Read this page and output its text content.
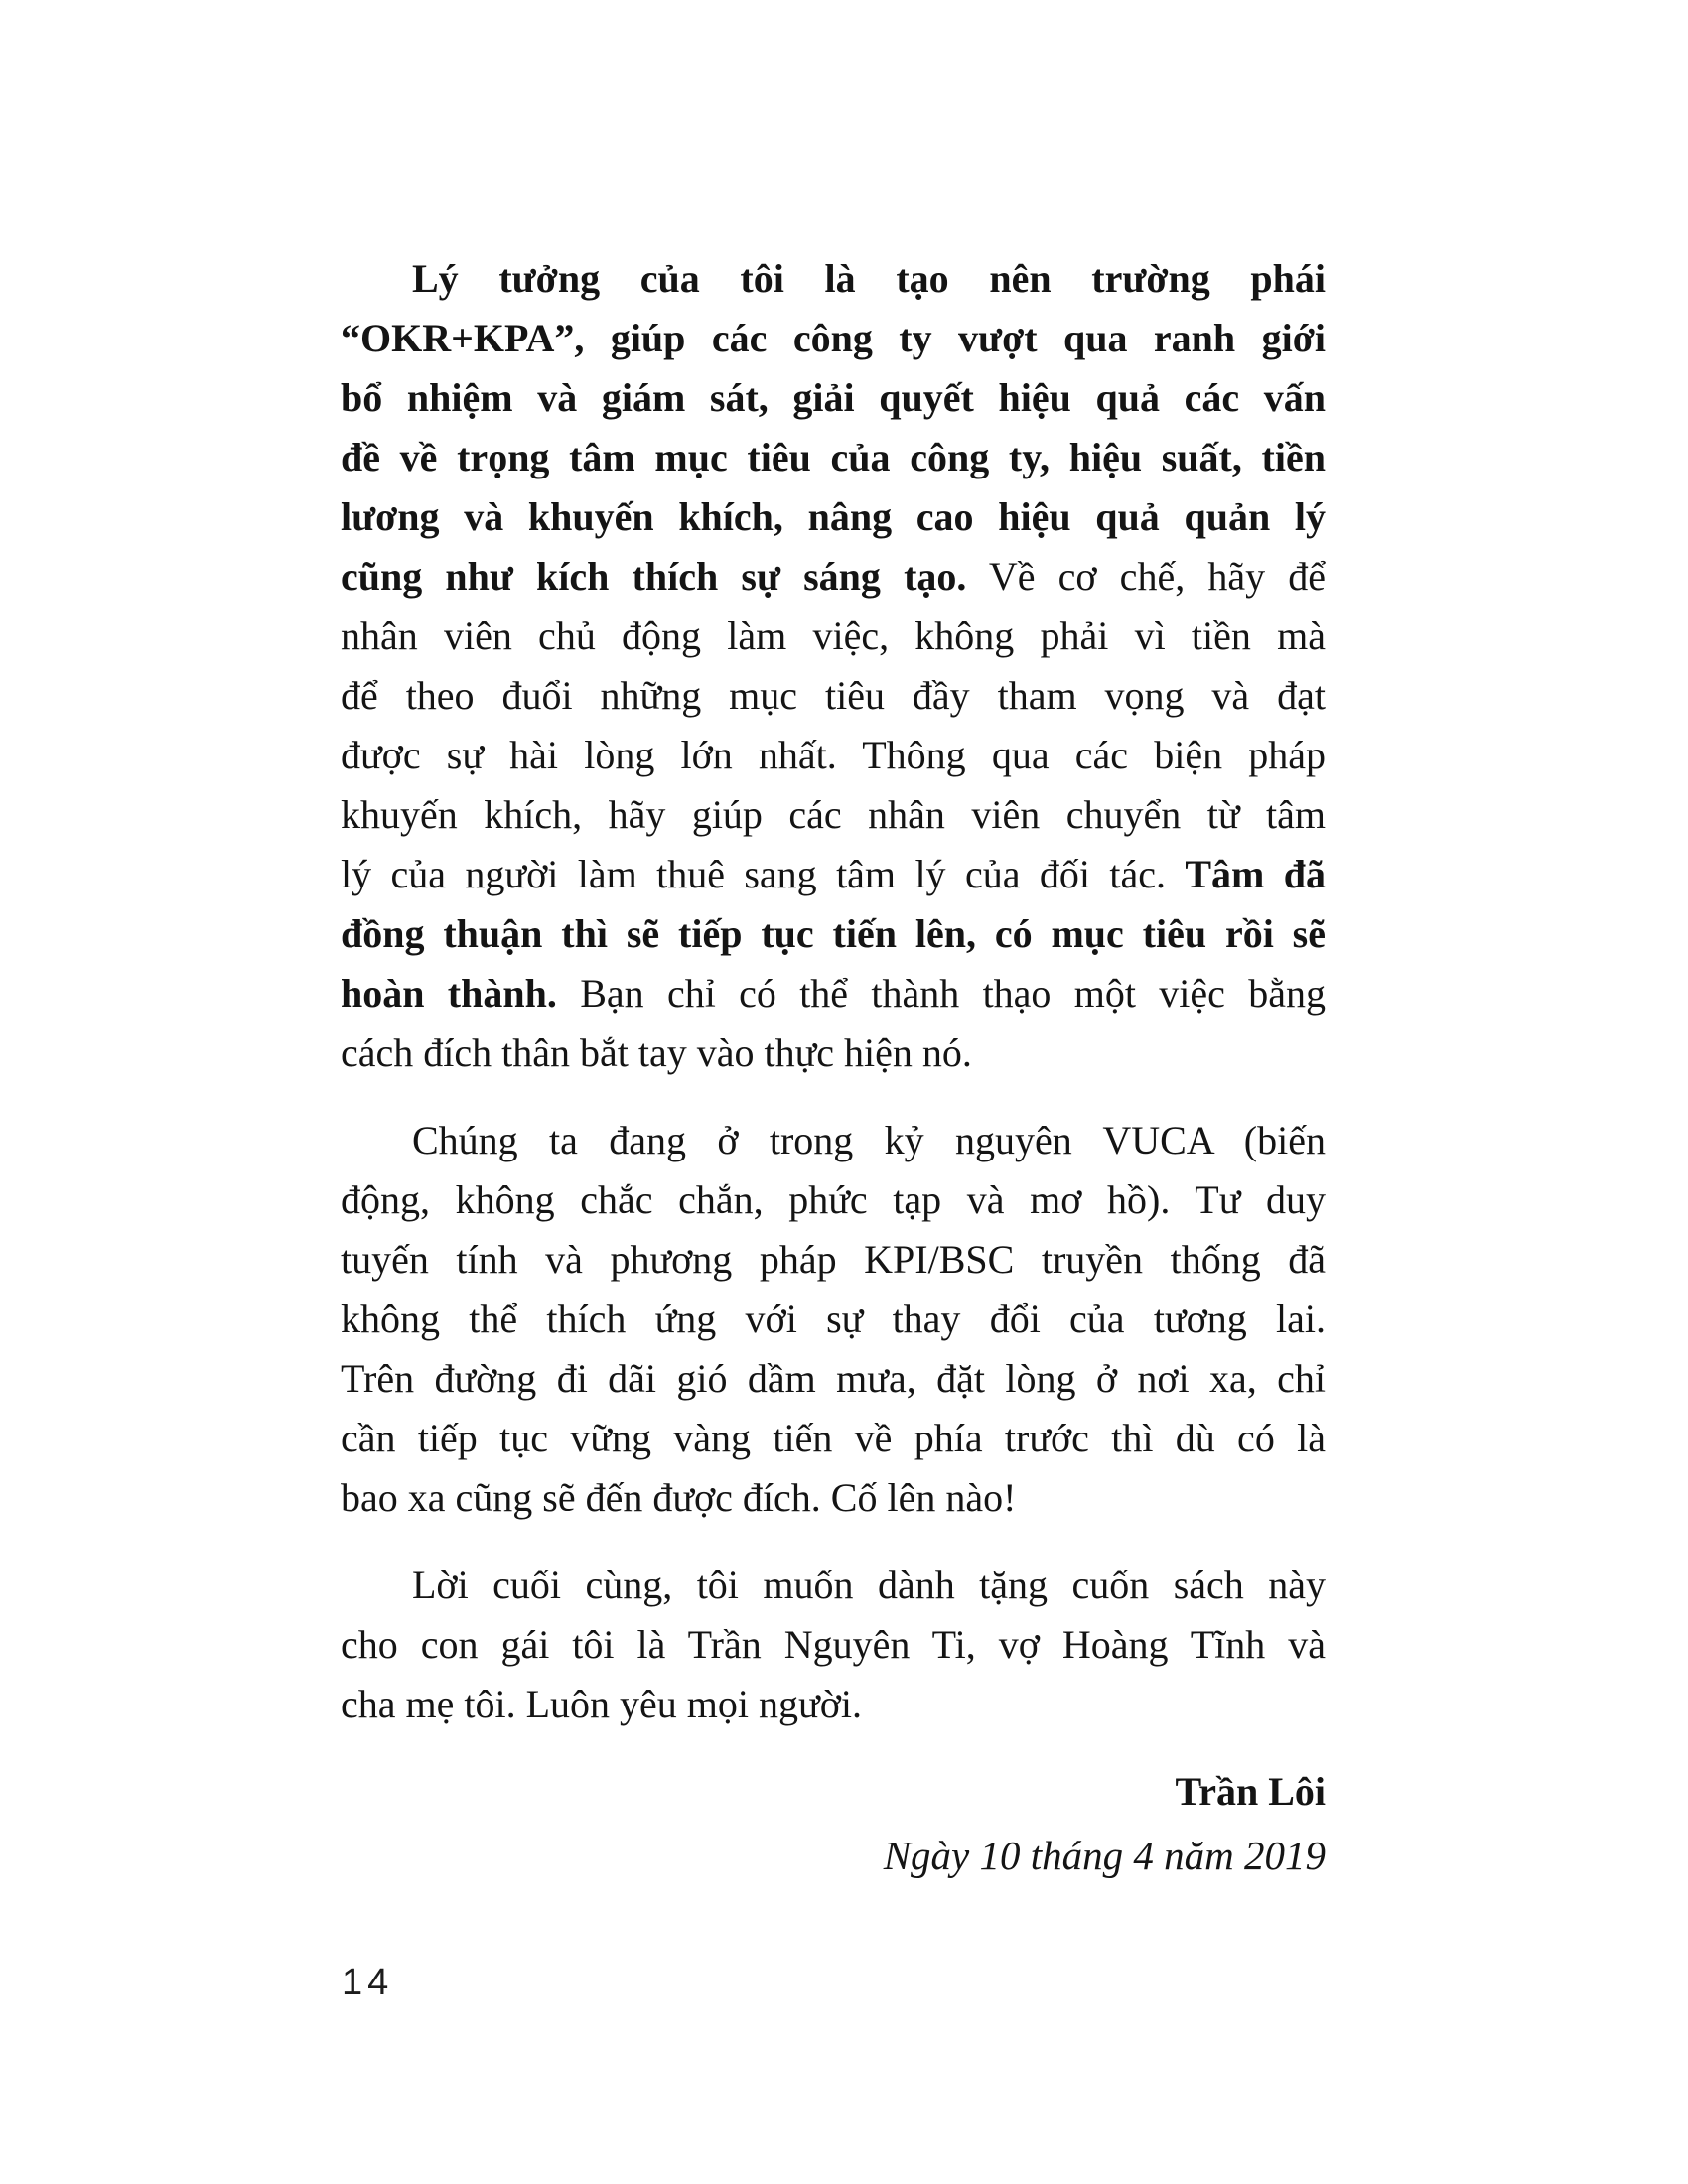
Lý tưởng của tôi là tạo nên trường phái
“OKR+KPA”, giúp các công ty vượt qua ranh giới
bổ nhiệm và giám sát, giải quyết hiệu quả các vấn
đề về trọng tâm mục tiêu của công ty, hiệu suất, tiền
lương và khuyến khích, nâng cao hiệu quả quản lý
cũng như kích thích sự sáng tạo. Về cơ chế, hãy để
nhân viên chủ động làm việc, không phải vì tiền mà
để theo đuổi những mục tiêu đầy tham vọng và đạt
được sự hài lòng lớn nhất. Thông qua các biện pháp
khuyến khích, hãy giúp các nhân viên chuyển từ tâm
lý của người làm thuê sang tâm lý của đối tác. Tâm đã
đồng thuận thì sẽ tiếp tục tiến lên, có mục tiêu rồi sẽ
hoàn thành. Bạn chỉ có thể thành thạo một việc bằng
cách đích thân bắt tay vào thực hiện nó.
Chúng ta đang ở trong kỷ nguyên VUCA (biến
động, không chắc chắn, phức tạp và mơ hồ). Tư duy
tuyến tính và phương pháp KPI/BSC truyền thống đã
không thể thích ứng với sự thay đổi của tương lai.
Trên đường đi dãi gió dầm mưa, đặt lòng ở nơi xa, chỉ
cần tiếp tục vững vàng tiến về phía trước thì dù có là
bao xa cũng sẽ đến được đích. Cố lên nào!
Lời cuối cùng, tôi muốn dành tặng cuốn sách này
cho con gái tôi là Trần Nguyên Ti, vợ Hoàng Tĩnh và
cha mẹ tôi. Luôn yêu mọi người.
Trần Lôi
Ngày 10 tháng 4 năm 2019
14
